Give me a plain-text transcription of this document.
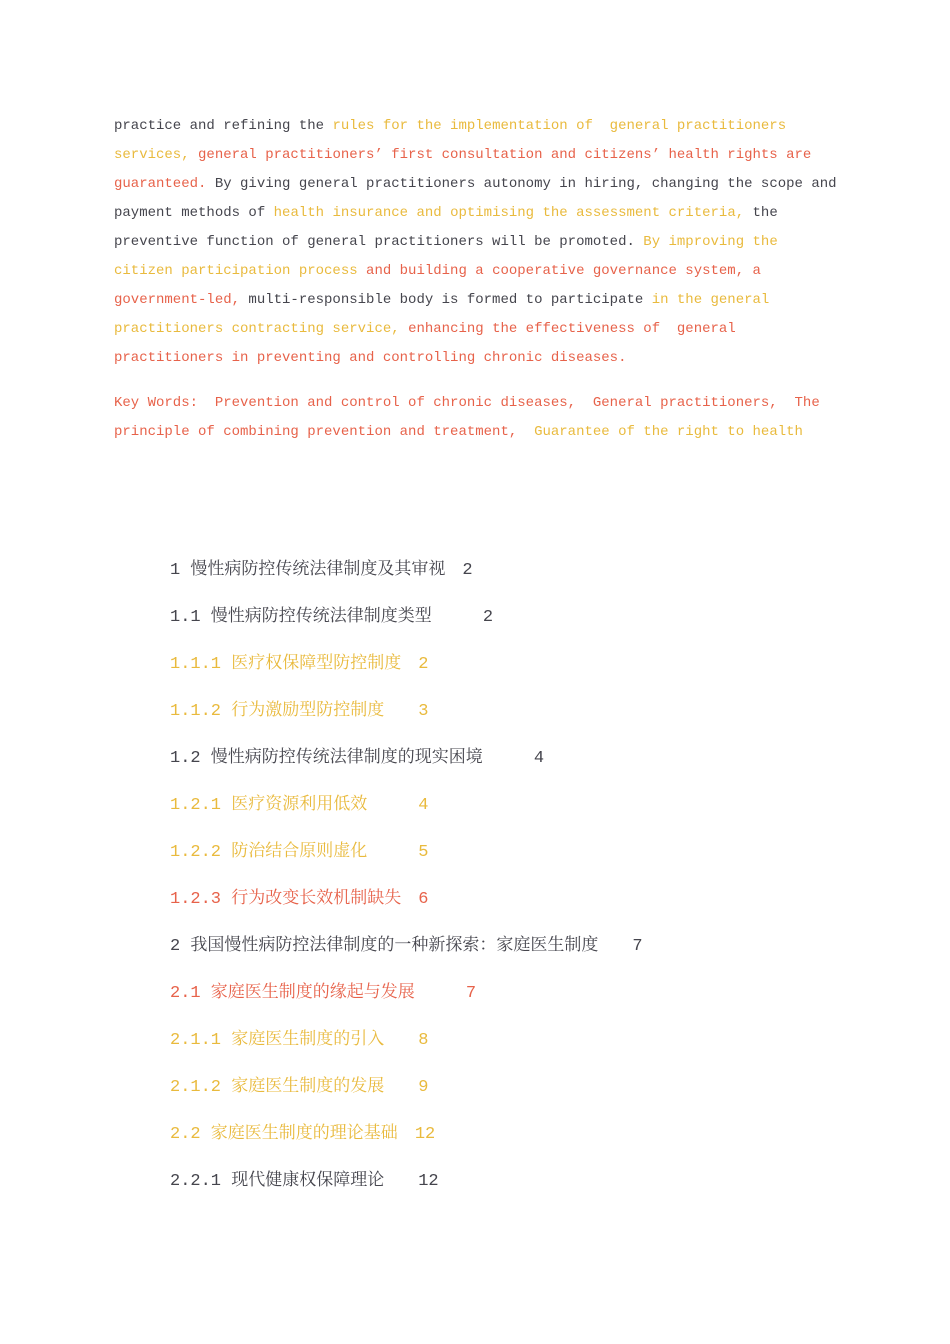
practice and refining the rules for the implementation of  general practitioners services, general practitioners’ first consultation and citizens’ health rights are guaranteed. By giving general practitioners autonomy in hiring, changing the scope and payment methods of health insurance and optimising the assessment criteria, the preventive function of general practitioners will be promoted. By improving the citizen participation process and building a cooperative governance system, a government-led, multi-responsible body is formed to participate in the general practitioners contracting service, enhancing the effectiveness of  general practitioners in preventing and controlling chronic diseases.
Key Words:  Prevention and control of chronic diseases,  General practitioners,  The principle of combining prevention and treatment,  Guarantee of the right to health
1 慢性病防控传统法律制度及其审视　 2
1.1 慢性病防控传统法律制度类型　　　	2
1.1.1 医疗权保障型防控制度　 2
1.1.2 行为激励型防控制度　　 3
1.2 慢性病防控传统法律制度的现实困境　　　	4
1.2.1 医疗资源利用低效　　　	4
1.2.2 防治结合原则虚化　　　	5
1.2.3 行为改变长效机制缺失　 6
2 我国慢性病防控法律制度的一种新探索：家庭医生制度　　 7
2.1 家庭医生制度的缘起与发展　　　	7
2.1.1 家庭医生制度的引入　　 8
2.1.2 家庭医生制度的发展　　 9
2.2 家庭医生制度的理论基础　 12
2.2.1 现代健康权保障理论　　 12
